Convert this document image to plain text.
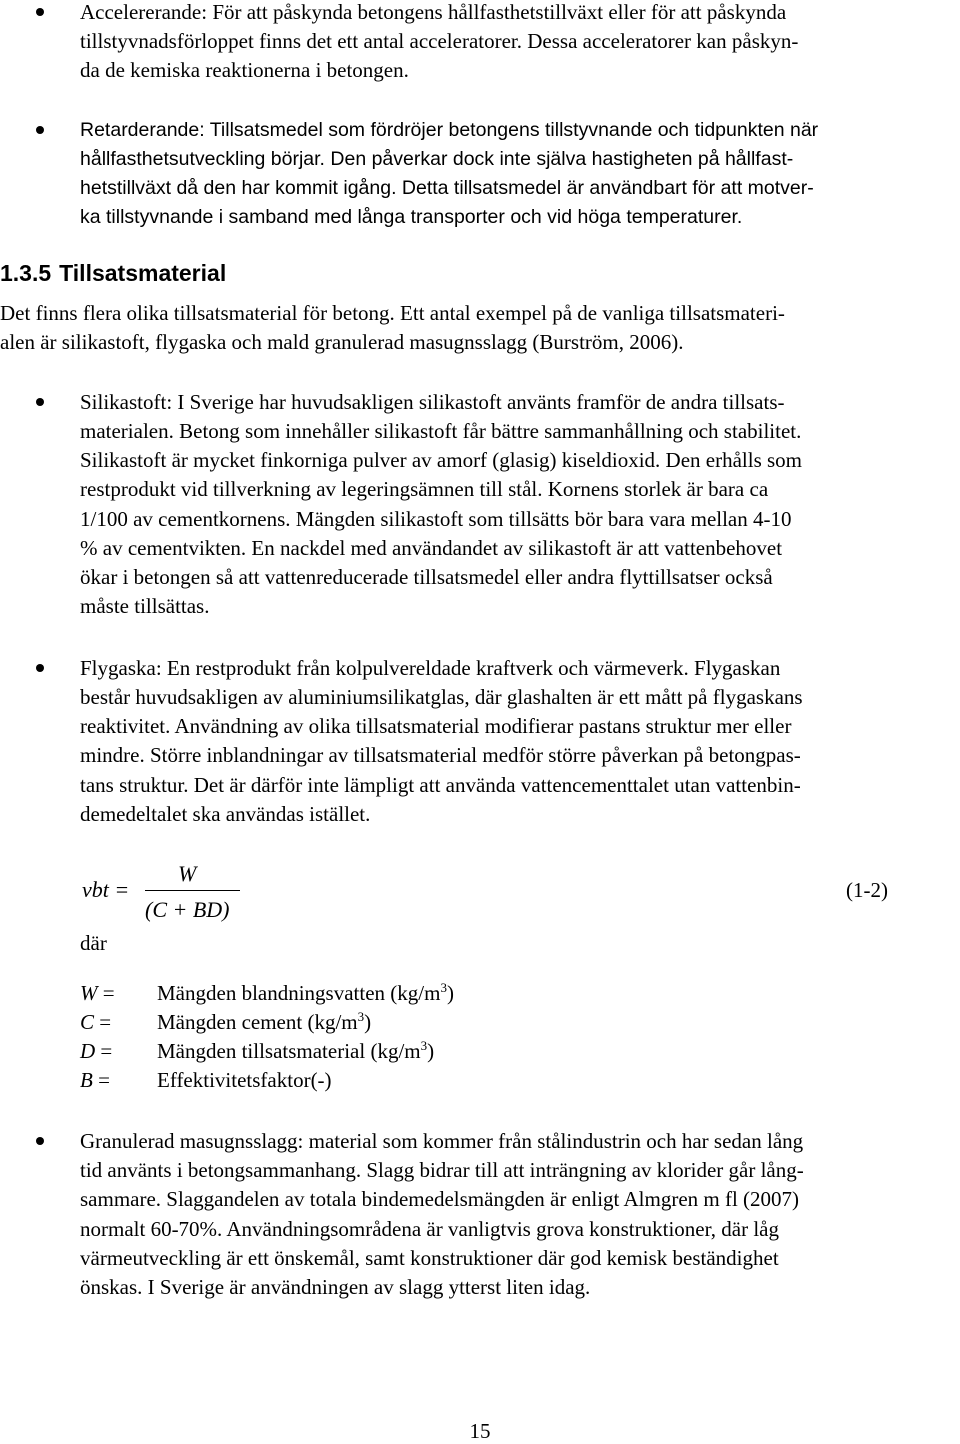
Accelererande: För att påskynda betongens hållfasthetstillväxt eller för att påskynda

tillstyvnadsförloppet finns det ett antal acceleratorer. Dessa acceleratorer kan påskyn-

da de kemiska reaktionerna i betongen.

Retarderande: Tillsatsmedel som fördröjer betongens tillstyvnande och tidpunkten när

hållfasthetsutveckling börjar. Den påverkar dock inte själva hastigheten på hållfast-

hetstillväxt då den har kommit igång. Detta tillsatsmedel är användbart för att motver-

ka tillstyvnande i samband med långa transporter och vid höga temperaturer.

1.3.5 Tillsatsmaterial

Det finns flera olika tillsatsmaterial för betong. Ett antal exempel på de vanliga tillsatsmateri-

alen är silikastoft, flygaska och mald granulerad masugnsslagg (Burström, 2006).

Silikastoft: I Sverige har huvudsakligen silikastoft använts framför de andra tillsats-

materialen. Betong som innehåller silikastoft får bättre sammanhållning och stabilitet.

Silikastoft är mycket finkorniga pulver av amorf (glasig) kiseldioxid. Den erhålls som

restprodukt vid tillverkning av legeringsämnen till stål. Kornens storlek är bara ca

1/100 av cementkornens. Mängden silikastoft som tillsätts bör bara vara mellan 4-10

% av cementvikten. En nackdel med användandet av silikastoft är att vattenbehovet

ökar i betongen så att vattenreducerade tillsatsmedel eller andra flyttillsatser också

måste tillsättas.

Flygaska: En restprodukt från kolpulvereldade kraftverk och värmeverk. Flygaskan

består huvudsakligen av aluminiumsilikatglas, där glashalten är ett mått på flygaskans

reaktivitet. Användning av olika tillsatsmaterial modifierar pastans struktur mer eller

mindre. Större inblandningar av tillsatsmaterial medför större påverkan på betongpas-

tans struktur. Det är därför inte lämpligt att använda vattencementtalet utan vattenbin-

demedeltalet ska användas istället.

vbt =
W
(C + BD)
(1-2)

där

W = Mängden blandningsvatten $(kg/m^3)$
C = Mängden cement $(kg/m^3)$
D = Mängden tillsatsmaterial $(kg/m^3)$
B = Effektivitetsfaktor(-)

Granulerad masugnsslagg: material som kommer från stålindustrin och har sedan lång

tid använts i betongsammanhang. Slagg bidrar till att inträngning av klorider går lång-

sammare. Slaggandelen av totala bindemedelsmängden är enligt Almgren m fl (2007)

normalt 60-70%. Användningsområdena är vanligtvis grova konstruktioner, där låg

värmeutveckling är ett önskemål, samt konstruktioner där god kemisk beständighet

önskas. I Sverige är användningen av slagg ytterst liten idag.

15
